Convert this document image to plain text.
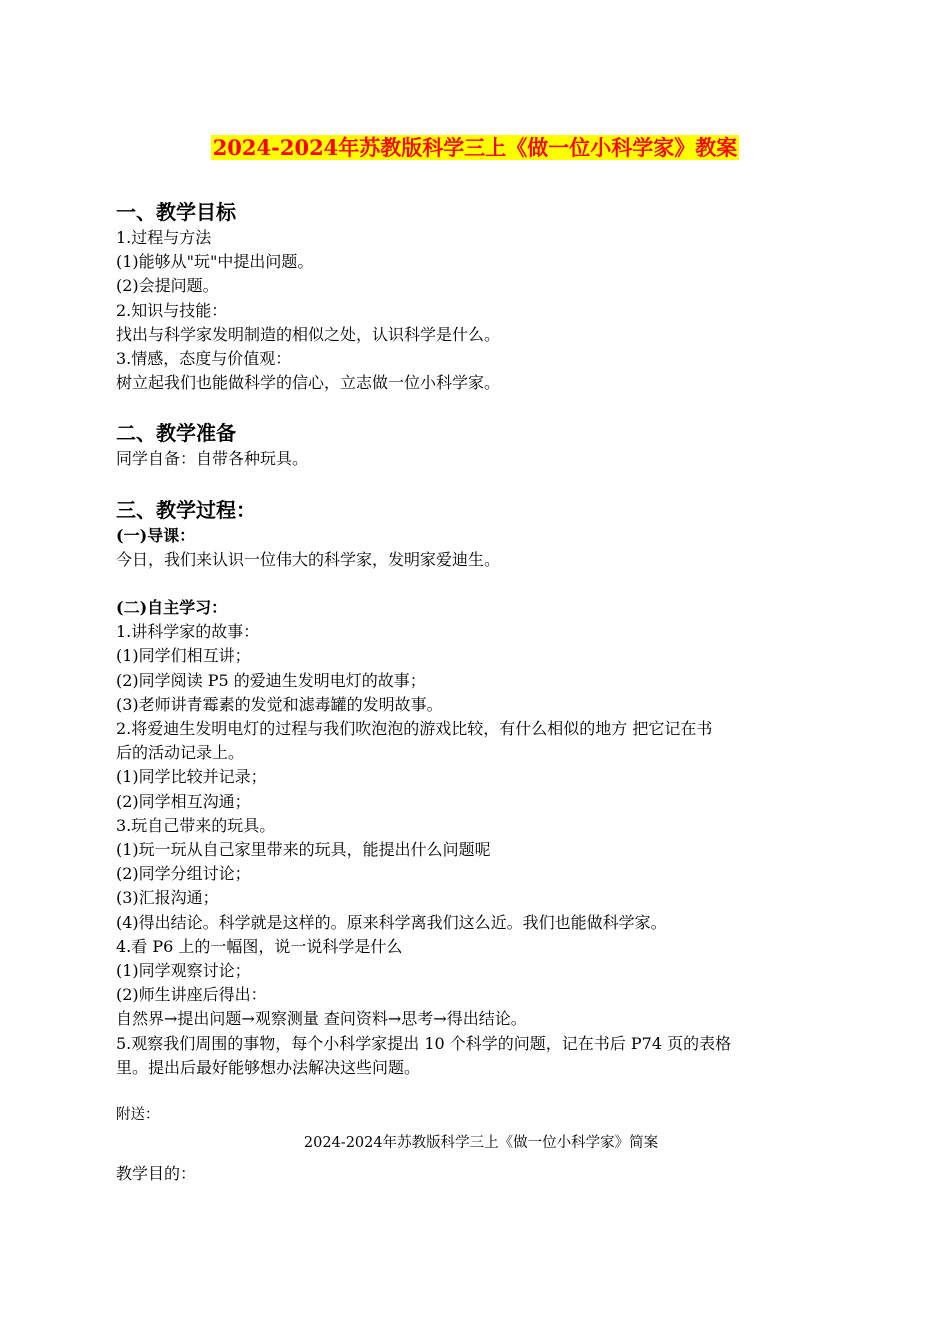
2024-2024年苏教版科学三上《做一位小科学家》教案
一、教学目标
1.过程与方法
(1)能够从"玩"中提出问题。
(2)会提问题。
2.知识与技能：
找出与科学家发明制造的相似之处，认识科学是什么。
3.情感，态度与价值观：
树立起我们也能做科学的信心，立志做一位小科学家。
二、教学准备
同学自备：自带各种玩具。
三、教学过程：
(一)导课：
今日，我们来认识一位伟大的科学家，发明家爱迪生。
(二)自主学习：
1.讲科学家的故事：
(1)同学们相互讲；
(2)同学阅读 P5 的爱迪生发明电灯的故事；
(3)老师讲青霉素的发觉和滤毒罐的发明故事。
2.将爱迪生发明电灯的过程与我们吹泡泡的游戏比较，有什么相似的地方 把它记在书
后的活动记录上。
(1)同学比较并记录；
(2)同学相互沟通；
3.玩自己带来的玩具。
(1)玩一玩从自己家里带来的玩具，能提出什么问题呢
(2)同学分组讨论；
(3)汇报沟通；
(4)得出结论。科学就是这样的。原来科学离我们这么近。我们也能做科学家。
4.看 P6 上的一幅图，说一说科学是什么
(1)同学观察讨论；
(2)师生讲座后得出：
自然界→提出问题→观察测量 查问资料→思考→得出结论。
5.观察我们周围的事物，每个小科学家提出 10 个科学的问题，记在书后 P74 页的表格
里。提出后最好能够想办法解决这些问题。
附送：
2024-2024年苏教版科学三上《做一位小科学家》简案
教学目的：
